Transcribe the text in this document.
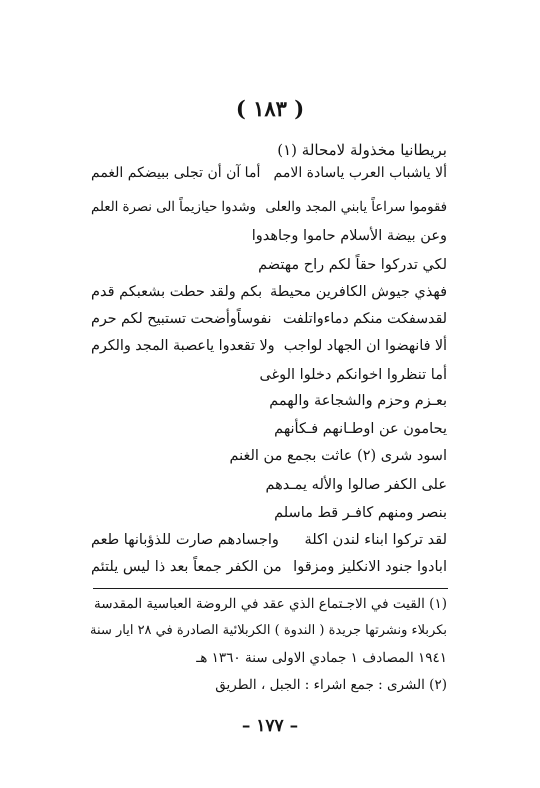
( ١٨٣ )
بريطانيا مخذولة لامحالة (١)
ألا ياشباب العرب ياسادة الامم
أما آن أن تجلى ببيضكم الغمم
فقوموا سراعاً يابني المجد والعلى
وشدوا حيازيماً الى نصرة العلم
وعن بيضة الأسلام حاموا وجاهدوا
لكي تدركوا حقاً لكم راح مهتضم
فهذي جيوش الكافرين محيطة
بكم ولقد حطت بشعبكم قدم
لقدسفكت منكم دماءواتلفت
نفوساًوأضحت تستبيح لكم حرم
ألا فانهضوا ان الجهاد لواجب
ولا تقعدوا ياعصبة المجد والكرم
أما تنظروا اخوانكم دخلوا الوغى
بعـزم وحزم والشجاعة والهمم
يحامون عن اوطـانهم فـكأنهم
اسود شرى (٢) عاثت بجمع من الغنم
على الكفر صالوا والأله يمـدهم
بنصر ومنهم كافـر قط ماسلم
لقد تركوا ابناء لندن اكلة
واجسادهم صارت للذؤبانها طعم
ابادوا جنود الانكليز ومزقوا
من الكفر جمعاً بعد ذا ليس يلتئم
(١) القيت في الاجـتماع الذي عقد في الروضة العباسية المقدسة
بكربلاء ونشرتها جريدة ( الندوة ) الكربلائية الصادرة في ٢٨ ايار سنة
١٩٤١ المصادف ١ جمادي الاولى سنة ١٣٦٠ هـ
(٢) الشرى : جمع اشراء : الجبل ، الطريق
– ١٧٧ –
